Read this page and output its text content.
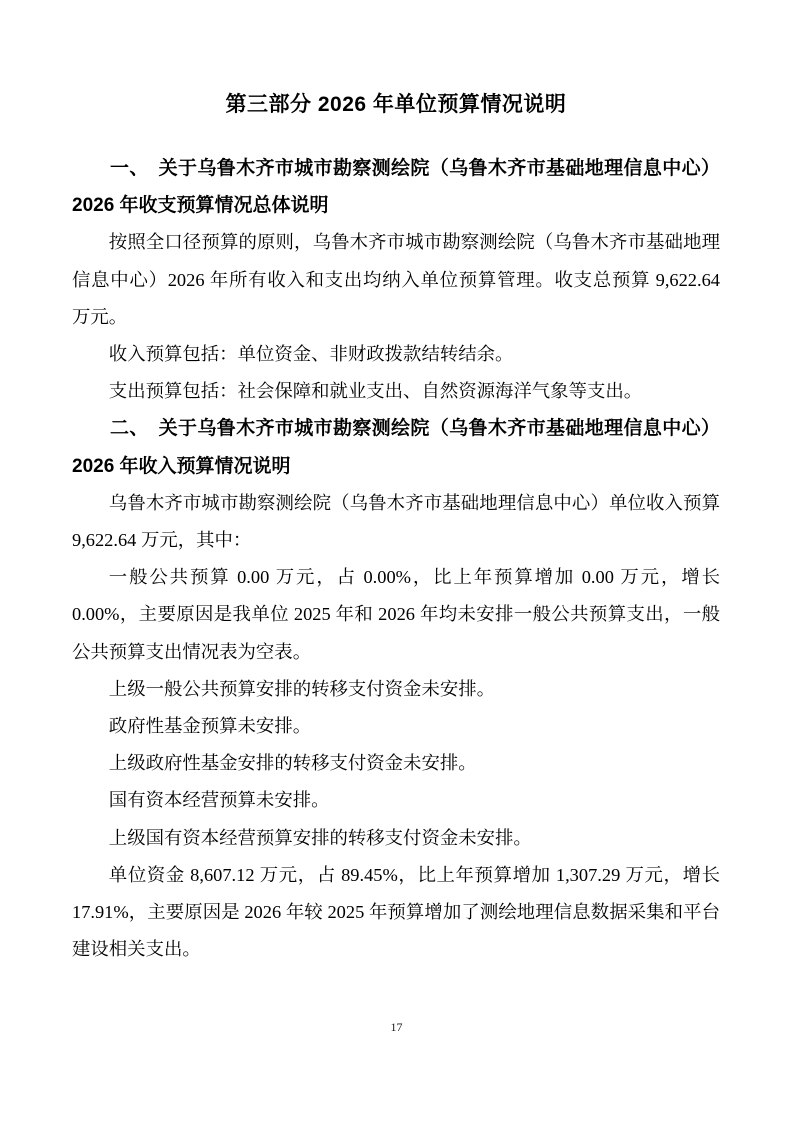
第三部分 2026 年单位预算情况说明

一、　关于乌鲁木齐市城市勘察测绘院（乌鲁木齐市基础地理信息中心）2026 年收支预算情况总体说明

按照全口径预算的原则，乌鲁木齐市城市勘察测绘院（乌鲁木齐市基础地理信息中心）2026 年所有收入和支出均纳入单位预算管理。收支总预算 9,622.64 万元。

收入预算包括：单位资金、非财政拨款结转结余。

支出预算包括：社会保障和就业支出、自然资源海洋气象等支出。

二、　关于乌鲁木齐市城市勘察测绘院（乌鲁木齐市基础地理信息中心）2026 年收入预算情况说明

乌鲁木齐市城市勘察测绘院（乌鲁木齐市基础地理信息中心）单位收入预算 9,622.64 万元，其中：

一般公共预算 0.00 万元，占 0.00%，比上年预算增加 0.00 万元，增长 0.00%，主要原因是我单位 2025 年和 2026 年均未安排一般公共预算支出，一般公共预算支出情况表为空表。

上级一般公共预算安排的转移支付资金未安排。

政府性基金预算未安排。

上级政府性基金安排的转移支付资金未安排。

国有资本经营预算未安排。

上级国有资本经营预算安排的转移支付资金未安排。

单位资金 8,607.12 万元，占 89.45%，比上年预算增加 1,307.29 万元，增长 17.91%，主要原因是 2026 年较 2025 年预算增加了测绘地理信息数据采集和平台建设相关支出。

17
